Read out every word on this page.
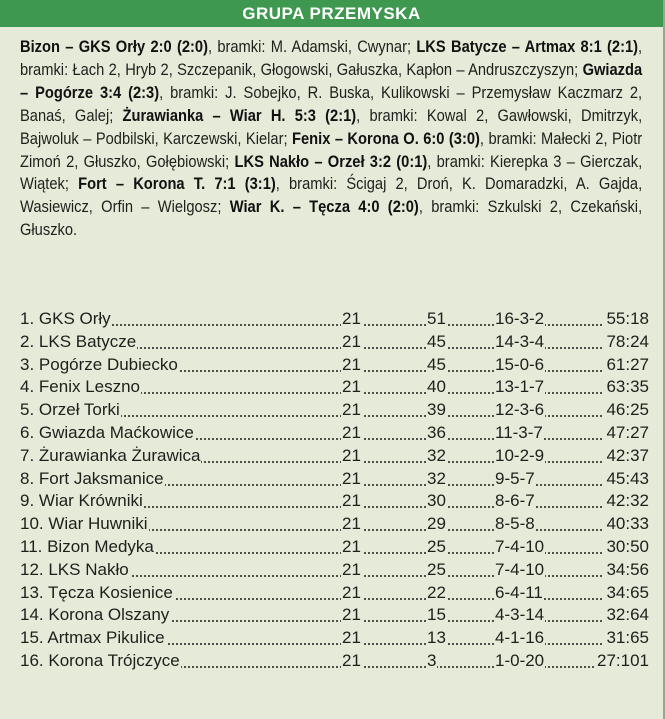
GRUPA PRZEMYSKA
Bizon – GKS Orły 2:0 (2:0), bramki: M. Adamski, Cwynar; LKS Batycze – Artmax 8:1 (2:1), bramki: Łach 2, Hryb 2, Szczepanik, Głogowski, Gałuszka, Kapłon – Andruszczyszyn; Gwiazda – Pogórze 3:4 (2:3), bramki: J. Sobejko, R. Buska, Kulikowski – Przemysław Kaczmarz 2, Banaś, Galej; Żurawianka – Wiar H. 5:3 (2:1), bramki: Kowal 2, Gawłowski, Dmitrzyk, Bajwoluk – Podbilski, Karczewski, Kielar; Fenix – Korona O. 6:0 (3:0), bramki: Małecki 2, Piotr Zimoń 2, Głuszko, Gołębiowski; LKS Nakło – Orzeł 3:2 (0:1), bramki: Kierepka 3 – Gierczak, Wiątek; Fort – Korona T. 7:1 (3:1), bramki: Ścigaj 2, Droń, K. Domaradzki, A. Gajda, Wasiewicz, Orfin – Wielgosz; Wiar K. – Tęcza 4:0 (2:0), bramki: Szkulski 2, Czekański, Głuszko.
1. GKS Orły	21	51	16-3-2	55:18
2. LKS Batycze	21	45	14-3-4	78:24
3. Pogórze Dubiecko	21	45	15-0-6	61:27
4. Fenix Leszno	21	40	13-1-7	63:35
5. Orzeł Torki	21	39	12-3-6	46:25
6. Gwiazda Maćkowice	21	36	11-3-7	47:27
7. Żurawianka Żurawica	21	32	10-2-9	42:37
8. Fort Jaksmanice	21	32	9-5-7	45:43
9. Wiar Krówniki	21	30	8-6-7	42:32
10. Wiar Huwniki	21	29	8-5-8	40:33
11. Bizon Medyka	21	25	7-4-10	30:50
12. LKS Nakło	21	25	7-4-10	34:56
13. Tęcza Kosienice	21	22	6-4-11	34:65
14. Korona Olszany	21	15	4-3-14	32:64
15. Artmax Pikulice	21	13	4-1-16	31:65
16. Korona Trójczyce	21	3	1-0-20	27:101
